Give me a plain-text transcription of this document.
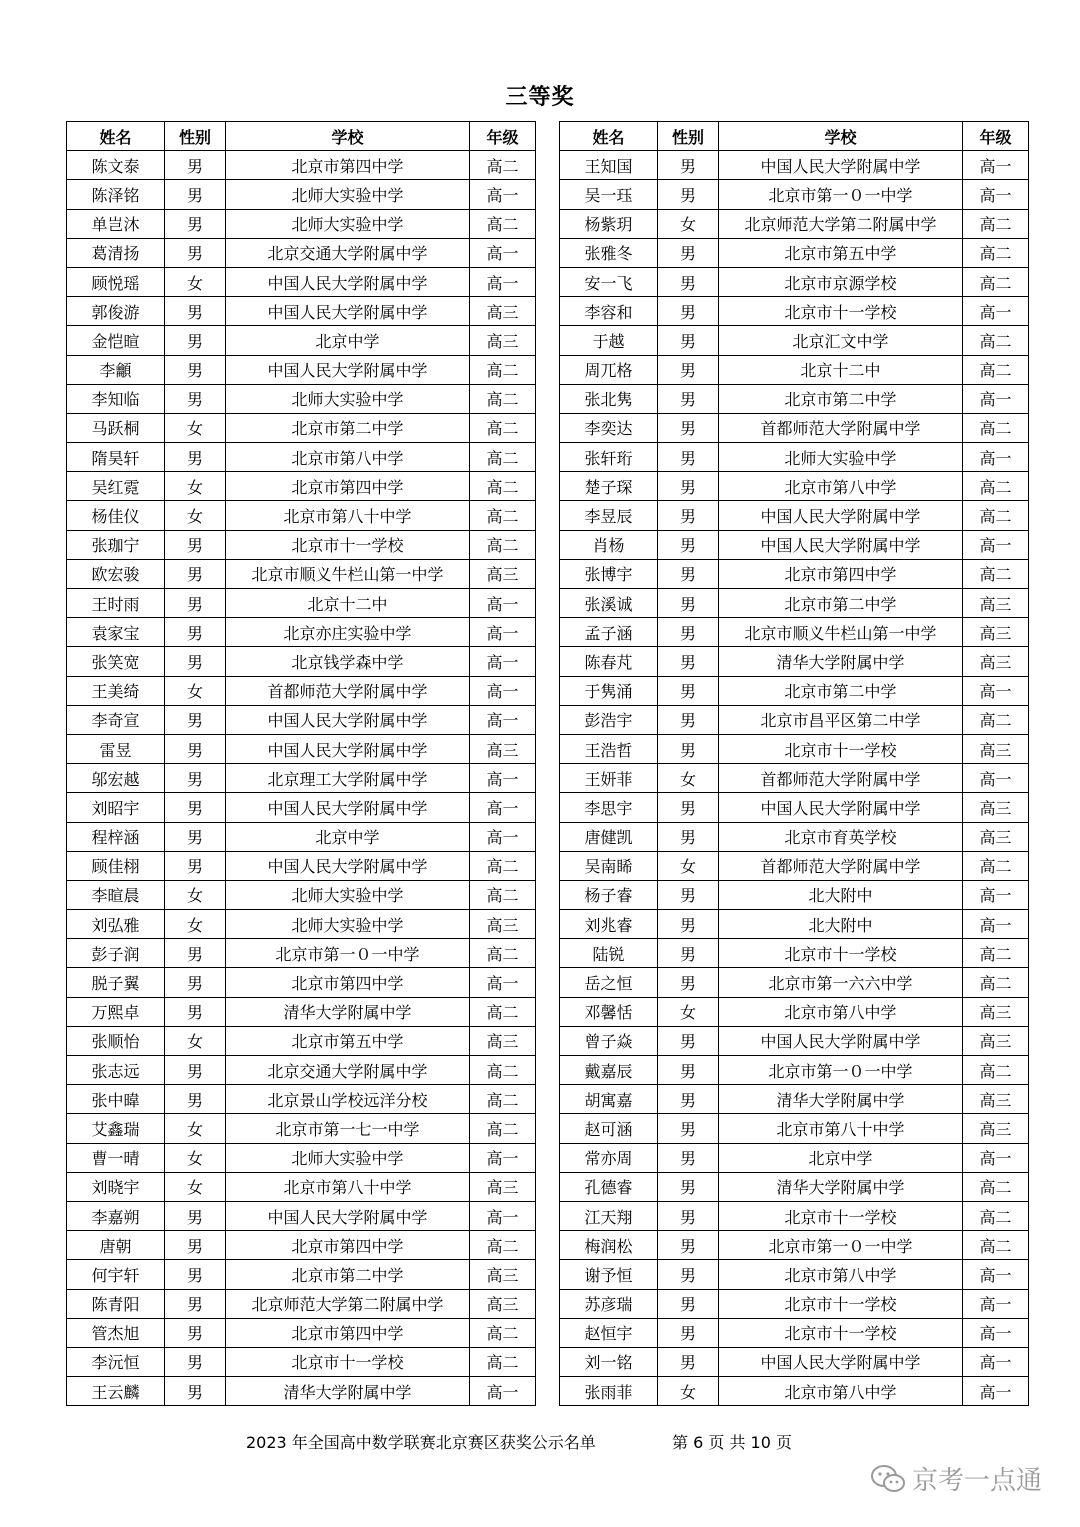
三等奖
姓名	性别	学校	年级
陈文泰	男	北京市第四中学	高二
陈泽铭	男	北师大实验中学	高一
单岂沐	男	北师大实验中学	高二
葛清扬	男	北京交通大学附属中学	高一
顾悦瑶	女	中国人民大学附属中学	高一
郭俊游	男	中国人民大学附属中学	高三
金恺暄	男	北京中学	高三
李龥	男	中国人民大学附属中学	高二
李知临	男	北师大实验中学	高二
马跃桐	女	北京市第二中学	高二
隋昊轩	男	北京市第八中学	高二
吴红霓	女	北京市第四中学	高二
杨佳仪	女	北京市第八十中学	高二
张珈宁	男	北京市十一学校	高二
欧宏骏	男	北京市顺义牛栏山第一中学	高三
王时雨	男	北京十二中	高一
袁家宝	男	北京亦庄实验中学	高一
张笑宽	男	北京钱学森中学	高一
王美绮	女	首都师范大学附属中学	高一
李奇宣	男	中国人民大学附属中学	高一
雷昱	男	中国人民大学附属中学	高三
邬宏越	男	北京理工大学附属中学	高一
刘昭宇	男	中国人民大学附属中学	高一
程梓涵	男	北京中学	高一
顾佳栩	男	中国人民大学附属中学	高二
李暄晨	女	北师大实验中学	高二
刘弘雅	女	北师大实验中学	高三
彭子润	男	北京市第一０一中学	高二
脱子翼	男	北京市第四中学	高一
万熙卓	男	清华大学附属中学	高二
张顺怡	女	北京市第五中学	高三
张志远	男	北京交通大学附属中学	高二
张中暐	男	北京景山学校远洋分校	高二
艾鑫瑞	女	北京市第一七一中学	高二
曹一晴	女	北师大实验中学	高一
刘晓宇	女	北京市第八十中学	高三
李嘉朔	男	中国人民大学附属中学	高一
唐朝	男	北京市第四中学	高二
何宇轩	男	北京市第二中学	高三
陈青阳	男	北京师范大学第二附属中学	高三
管杰旭	男	北京市第四中学	高二
李沅恒	男	北京市十一学校	高二
王云麟	男	清华大学附属中学	高一
姓名	性别	学校	年级
王知国	男	中国人民大学附属中学	高一
吴一珏	男	北京市第一０一中学	高一
杨紫玥	女	北京师范大学第二附属中学	高二
张雅冬	男	北京市第五中学	高二
安一飞	男	北京市京源学校	高二
李容和	男	北京市十一学校	高一
于越	男	北京汇文中学	高二
周兀格	男	北京十二中	高二
张北隽	男	北京市第二中学	高一
李奕达	男	首都师范大学附属中学	高二
张轩珩	男	北师大实验中学	高一
楚子琛	男	北京市第八中学	高二
李昱辰	男	中国人民大学附属中学	高二
肖杨	男	中国人民大学附属中学	高一
张博宇	男	北京市第四中学	高二
张溪诚	男	北京市第二中学	高三
孟子涵	男	北京市顺义牛栏山第一中学	高三
陈春芃	男	清华大学附属中学	高三
于隽涌	男	北京市第二中学	高一
彭浩宇	男	北京市昌平区第二中学	高二
王浩哲	男	北京市十一学校	高三
王妍菲	女	首都师范大学附属中学	高一
李思宇	男	中国人民大学附属中学	高三
唐健凯	男	北京市育英学校	高三
吴南睎	女	首都师范大学附属中学	高二
杨子睿	男	北大附中	高一
刘兆睿	男	北大附中	高一
陆锐	男	北京市十一学校	高二
岳之恒	男	北京市第一六六中学	高二
邓馨恬	女	北京市第八中学	高三
曾子焱	男	中国人民大学附属中学	高三
戴嘉辰	男	北京市第一０一中学	高二
胡寓嘉	男	清华大学附属中学	高三
赵可涵	男	北京市第八十中学	高三
常亦周	男	北京中学	高一
孔德睿	男	清华大学附属中学	高二
江天翔	男	北京市十一学校	高二
梅润松	男	北京市第一０一中学	高二
谢予恒	男	北京市第八中学	高一
苏彦瑞	男	北京市十一学校	高一
赵恒宇	男	北京市十一学校	高一
刘一铭	男	中国人民大学附属中学	高一
张雨菲	女	北京市第八中学	高一
2023 年全国高中数学联赛北京赛区获奖公示名单	第 6 页 共 10 页
京考一点通
